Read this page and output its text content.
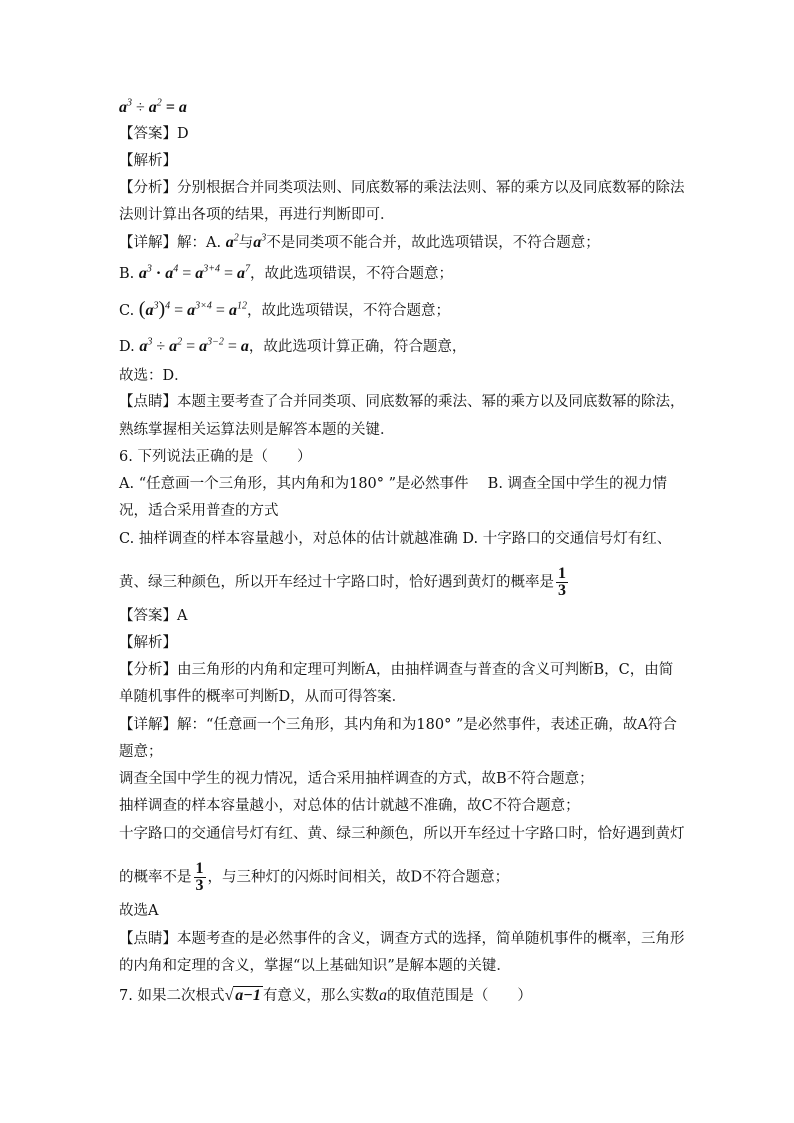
$a^3 \div a^2 = a$
【答案】D
【解析】
【分析】分别根据合并同类项法则、同底数幂的乘法法则、幂的乘方以及同底数幂的除法
法则计算出各项的结果，再进行判断即可．
【详解】解：A. $a^2$与$a^3$不是同类项不能合并，故此选项错误，不符合题意；
B. $a^3 \cdot a^4 = a^{3+4} = a^7$，故此选项错误，不符合题意；
C. $(a^3)^4 = a^{3\times 4} = a^{12}$，故此选项错误，不符合题意；
D. $a^3 \div a^2 = a^{3-2} = a$，故此选项计算正确，符合题意，
故选：D．
【点睛】本题主要考查了合并同类项、同底数幂的乘法、幂的乘方以及同底数幂的除法，
熟练掌握相关运算法则是解答本题的关键．
6. 下列说法正确的是（　　）
A. “任意画一个三角形，其内角和为180° ”是必然事件　 B. 调查全国中学生的视力情
况，适合采用普查的方式
C. 抽样调查的样本容量越小，对总体的估计就越准确 D. 十字路口的交通信号灯有红、
黄、绿三种颜色，所以开车经过十字路口时，恰好遇到黄灯的概率是 $\frac{1}{3}$
【答案】A
【解析】
【分析】由三角形的内角和定理可判断A，由抽样调查与普查的含义可判断B，C，由简
单随机事件的概率可判断D，从而可得答案．
【详解】解：“任意画一个三角形，其内角和为180° ”是必然事件，表述正确，故A符合
题意；
调查全国中学生的视力情况，适合采用抽样调查的方式，故B不符合题意；
抽样调查的样本容量越小，对总体的估计就越不准确，故C不符合题意；
十字路口的交通信号灯有红、黄、绿三种颜色，所以开车经过十字路口时，恰好遇到黄灯
的概率不是 $\frac{1}{3}$ ，与三种灯的闪烁时间相关，故D不符合题意；
故选A
【点睛】本题考查的是必然事件的含义，调查方式的选择，简单随机事件的概率，三角形
的内角和定理的含义，掌握“以上基础知识”是解本题的关键．
7. 如果二次根式√ a−1 有意义，那么实数a的取值范围是（　　）
